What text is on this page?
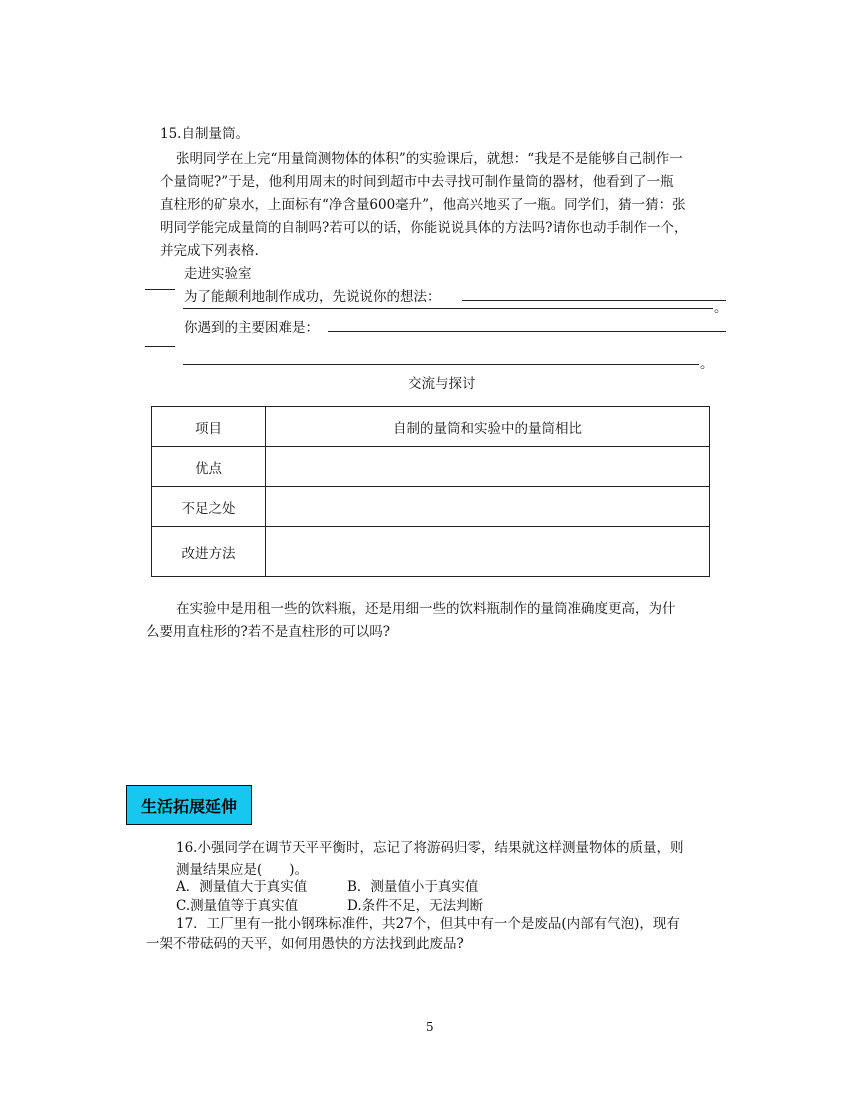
15.自制量筒。
张明同学在上完“用量筒测物体的体积”的实验课后，就想：“我是不是能够自己制作一
个量筒呢?”于是，他利用周末的时间到超市中去寻找可制作量筒的器材，他看到了一瓶
直柱形的矿泉水，上面标有“净含量600毫升”，他高兴地买了一瓶。同学们，猜一猜：张
明同学能完成量筒的自制吗?若可以的话，你能说说具体的方法吗?请你也动手制作一个，
并完成下列表格.
走进实验室
为了能颠利地制作成功，先说说你的想法：
。
你遇到的主要困难是：
。
交流与探讨
项目	自制的量筒和实验中的量筒相比
优点	
不足之处	
改进方法	
在实验中是用租一些的饮料瓶，还是用细一些的饮料瓶制作的量筒准确度更高，为什
么要用直柱形的?若不是直柱形的可以吗?
生活拓展延伸
16.小强同学在调节天平平衡时，忘记了将游码归零，结果就这样测量物体的质量，则
测量结果应是(　　)。
A．测量值大于真实值	B．测量值小于真实值
C.测量值等于真实值	D.条件不足，无法判断
17．工厂里有一批小钢珠标准件，共27个，但其中有一个是废品(内部有气泡)，现有
一架不带砝码的天平，如何用愚快的方法找到此废品?
5
